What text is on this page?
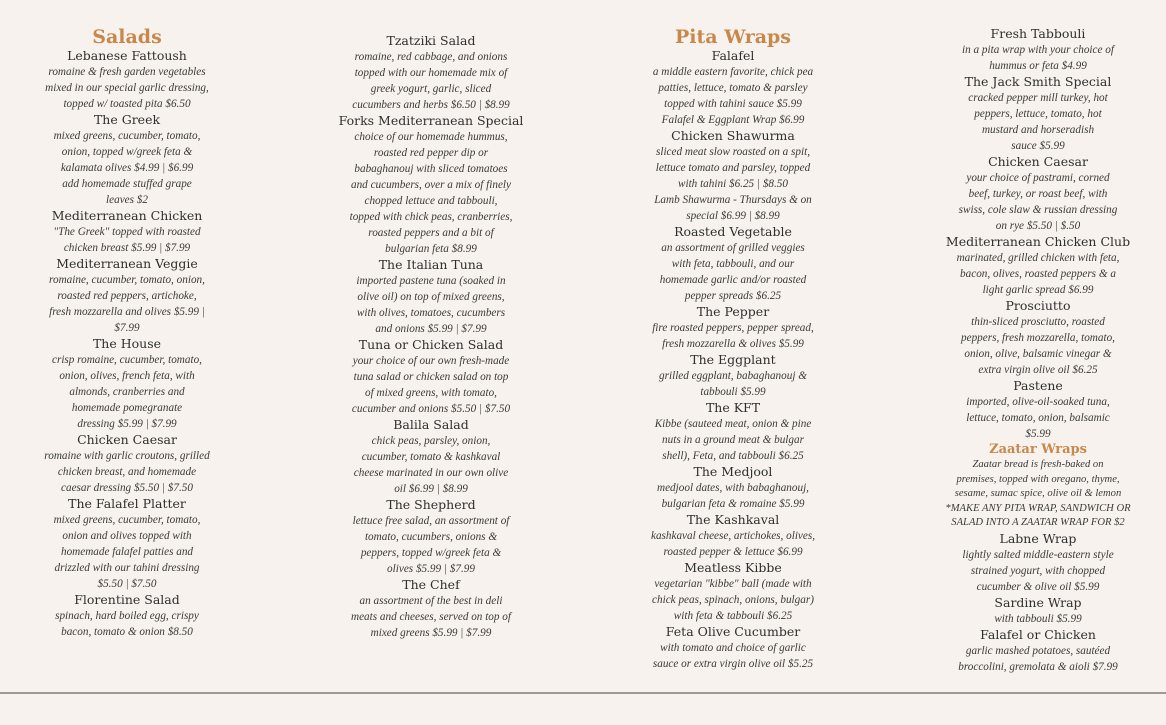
Salads
Lebanese Fattoush
romaine & fresh garden vegetables
mixed in our special garlic dressing,
topped w/ toasted pita $6.50
The Greek
mixed greens, cucumber, tomato,
onion, topped w/greek feta &
kalamata olives $4.99 | $6.99
add homemade stuffed grape
leaves $2
Mediterranean Chicken
"The Greek" topped with roasted
chicken breast $5.99 | $7.99
Mediterranean Veggie
romaine, cucumber, tomato, onion,
roasted red peppers, artichoke,
fresh mozzarella and olives $5.99 |
$7.99
The House
crisp romaine, cucumber, tomato,
onion, olives, french feta, with
almonds, cranberries and
homemade pomegranate
dressing $5.99 | $7.99
Chicken Caesar
romaine with garlic croutons, grilled
chicken breast, and homemade
caesar dressing $5.50 | $7.50
The Falafel Platter
mixed greens, cucumber, tomato,
onion and olives topped with
homemade falafel patties and
drizzled with our tahini dressing
$5.50 | $7.50
Florentine Salad
spinach, hard boiled egg, crispy
bacon, tomato & onion $8.50
Tzatziki Salad
romaine, red cabbage, and onions
topped with our homemade mix of
greek yogurt, garlic, sliced
cucumbers and herbs $6.50 | $8.99
Forks Mediterranean Special
choice of our homemade hummus,
roasted red pepper dip or
babaghanouj with sliced tomatoes
and cucumbers, over a mix of finely
chopped lettuce and tabbouli,
topped with chick peas, cranberries,
roasted peppers and a bit of
bulgarian feta $8.99
The Italian Tuna
imported pastene tuna (soaked in
olive oil) on top of mixed greens,
with olives, tomatoes, cucumbers
and onions $5.99 | $7.99
Tuna or Chicken Salad
your choice of our own fresh-made
tuna salad or chicken salad on top
of mixed greens, with tomato,
cucumber and onions $5.50 | $7.50
Balila Salad
chick peas, parsley, onion,
cucumber, tomato & kashkaval
cheese marinated in our own olive
oil $6.99 | $8.99
The Shepherd
lettuce free salad, an assortment of
tomato, cucumbers, onions &
peppers, topped w/greek feta &
olives $5.99 | $7.99
The Chef
an assortment of the best in deli
meats and cheeses, served on top of
mixed greens $5.99 | $7.99
Pita Wraps
Falafel
a middle eastern favorite, chick pea
patties, lettuce, tomato & parsley
topped with tahini sauce $5.99
Falafel & Eggplant Wrap $6.99
Chicken Shawurma
sliced meat slow roasted on a spit,
lettuce tomato and parsley, topped
with tahini $6.25 | $8.50
Lamb Shawurma - Thursdays & on
special $6.99 | $8.99
Roasted Vegetable
an assortment of grilled veggies
with feta, tabbouli, and our
homemade garlic and/or roasted
pepper spreads $6.25
The Pepper
fire roasted peppers, pepper spread,
fresh mozzarella & olives $5.99
The Eggplant
grilled eggplant, babaghanouj &
tabbouli $5.99
The KFT
Kibbe (sauteed meat, onion & pine
nuts in a ground meat & bulgar
shell), Feta, and tabbouli $6.25
The Medjool
medjool dates, with babaghanouj,
bulgarian feta & romaine $5.99
The Kashkaval
kashkaval cheese, artichokes, olives,
roasted pepper & lettuce $6.99
Meatless Kibbe
vegetarian "kibbe" ball (made with
chick peas, spinach, onions, bulgar)
with feta & tabbouli $6.25
Feta Olive Cucumber
with tomato and choice of garlic
sauce or extra virgin olive oil $5.25
Fresh Tabbouli
in a pita wrap with your choice of
hummus or feta $4.99
The Jack Smith Special
cracked pepper mill turkey, hot
peppers, lettuce, tomato, hot
mustard and horseradish
sauce $5.99
Chicken Caesar
your choice of pastrami, corned
beef, turkey, or roast beef, with
swiss, cole slaw & russian dressing
on rye $5.50 | $.50
Mediterranean Chicken Club
marinated, grilled chicken with feta,
bacon, olives, roasted peppers & a
light garlic spread $6.99
Prosciutto
thin-sliced prosciutto, roasted
peppers, fresh mozzarella, tomato,
onion, olive, balsamic vinegar &
extra virgin olive oil $6.25
Pastene
imported, olive-oil-soaked tuna,
lettuce, tomato, onion, balsamic
$5.99
Zaatar Wraps
Zaatar bread is fresh-baked on
premises, topped with oregano, thyme,
sesame, sumac spice, olive oil & lemon
*MAKE ANY PITA WRAP, SANDWICH OR
SALAD INTO A ZAATAR WRAP FOR $2
Labne Wrap
lightly salted middle-eastern style
strained yogurt, with chopped
cucumber & olive oil $5.99
Sardine Wrap
with tabbouli $5.99
Falafel or Chicken
garlic mashed potatoes, sautéed
broccolini, gremolata & aioli $7.99
